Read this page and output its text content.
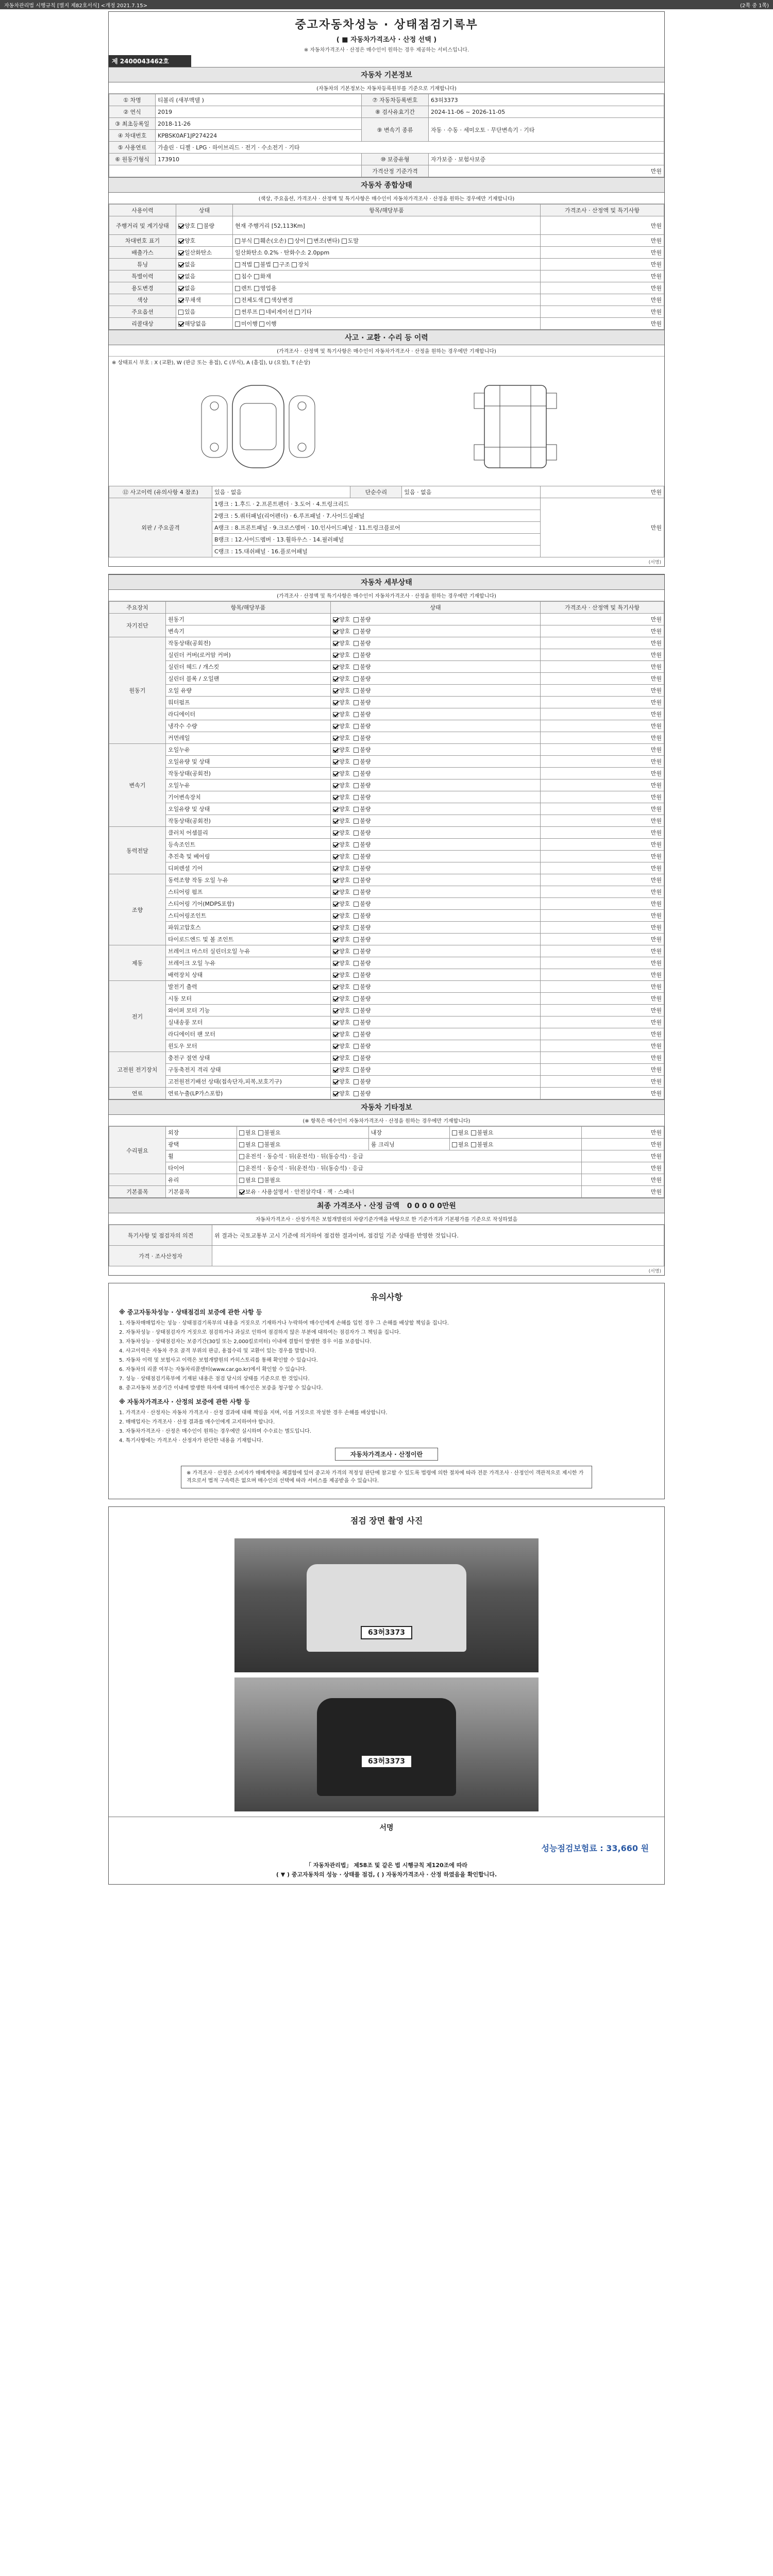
자동차관리법 시행규칙 [별지 제82호서식] <개정 2021.7.15>	(2쪽 중 1쪽)
중고자동차성능 · 상태점검기록부
( ■ 자동차가격조사 · 산정 선택 )
※ 자동차가격조사 · 산정은 매수인이 원하는 경우 제공하는 서비스입니다.
제 2400043462호
자동차 기본정보
(자동차의 기본정보는 자동차등록원부를 기준으로 기재합니다)
① 차명	티볼리 (새부맥델 )	⑦ 자동차등록번호	63허3373
② 연식	2019	⑧ 검사유효기간	2024-11-06 ~ 2026-11-05
③ 최초등록일	2018-11-26	⑨ 변속기 종류	자동 · 수동 · 세미오토 · 무단변속기 · 기타
④ 차대번호	KPBSK0AF1JP274224		
⑤ 사용연료	가솔린 · 디젤 · LPG · 하이브리드 · 전기 · 수소전기 · 기타		
⑥ 원동기형식	173910	⑩ 보증유형	자가보증 · 보험사보증
		가격산정 기준가격	만원
자동차 종합상태
(색상, 주요옵션, 가격조사 · 산정액 및 특기사항은 매수인이 자동차가격조사 · 산정을 원하는 경우에만 기재합니다)
사용이력	상태	항목/해당부품	가격조사 · 산정액 및 특기사항
주행거리 및 계기상태	양호 불량	현재 주행거리 [52,113Km]	만원
차대번호 표기	양호	부식 훼손(오손) 상이 변조(변타) 도말	만원
배출가스	일산화탄소	일산화탄소 0.2% · 탄화수소 2.0ppm	만원
튜닝	없음	적법 불법 구조 장치	만원
특별이력	없음	침수 화재	만원
용도변경	없음	렌트 영업용	만원
색상	무채색	전체도색 색상변경	만원
주요옵션	있음	썬루프 네비게이션 기타	만원
리콜대상	해당없음	미이행 이행	만원
사고 · 교환 · 수리 등 이력
(가격조사 · 산정액 및 특기사항은 매수인이 자동차가격조사 · 산정을 원하는 경우에만 기재합니다)
※ 상태표시 부호 : X (교환), W (판금 또는 용접), C (부식), A (흠집), U (요철), T (손상)
⑫ 사고이력 (유의사항 4 참조)	있음 · 없음	단순수리	있음 · 없음	만원
외판 / 주요골격	1랭크 : 1.후드 · 2.프론트펜더 · 3.도어 · 4.트렁크리드			만원
	2랭크 : 5.쿼터패널(리어펜더) · 6.루프패널 · 7.사이드실패널			
	A랭크 : 8.프론트패널 · 9.크로스멤버 · 10.인사이드패널 · 11.트렁크플로어			
	B랭크 : 12.사이드멤버 · 13.휠하우스 · 14.필러패널			
	C랭크 : 15.대쉬패널 · 16.플로어패널			
(서명)
자동차 세부상태
(가격조사 · 산정액 및 특기사항은 매수인이 자동차가격조사 · 산정을 원하는 경우에만 기재합니다)
주요장치	항목/해당부품	상태	가격조사 · 산정액 및 특기사항
자기진단	원동기	양호 불량	만원
	변속기	양호 불량	만원
원동기	작동상태(공회전)	양호 불량	만원
	실린더 커버(로커암 커버)	양호 불량	만원
	실린더 헤드 / 개스킷	양호 불량	만원
	실린더 블록 / 오일팬	양호 불량	만원
	오일 유량	양호 불량	만원
	워터펌프	양호 불량	만원
	라디에이터	양호 불량	만원
	냉각수 수량	양호 불량	만원
	커먼레일	양호 불량	만원
변속기	오일누유	양호 불량	만원
	오일유량 및 상태	양호 불량	만원
	작동상태(공회전)	양호 불량	만원
	오일누유	양호 불량	만원
	기어변속장치	양호 불량	만원
	오일유량 및 상태	양호 불량	만원
	작동상태(공회전)	양호 불량	만원
동력전달	클러치 어셈블리	양호 불량	만원
	등속조인트	양호 불량	만원
	추진축 및 베어링	양호 불량	만원
	디퍼렌셜 기어	양호 불량	만원
조향	동력조향 작동 오일 누유	양호 불량	만원
	스티어링 펌프	양호 불량	만원
	스티어링 기어(MDPS포함)	양호 불량	만원
	스티어링조인트	양호 불량	만원
	파워고압호스	양호 불량	만원
	타이로드엔드 및 볼 조인트	양호 불량	만원
제동	브레이크 마스터 실린더오일 누유	양호 불량	만원
	브레이크 오일 누유	양호 불량	만원
	배력장치 상태	양호 불량	만원
전기	발전기 출력	양호 불량	만원
	시동 모터	양호 불량	만원
	와이퍼 모터 기능	양호 불량	만원
	실내송풍 모터	양호 불량	만원
	라디에이터 팬 모터	양호 불량	만원
	윈도우 모터	양호 불량	만원
고전원 전기장치	충전구 절연 상태	양호 불량	만원
	구동축전지 격리 상태	양호 불량	만원
	고전원전기배선 상태(접속단자,피복,보호기구)	양호 불량	만원
연료	연료누출(LP가스포함)	양호 불량	만원
자동차 기타정보
(※ 항목은 매수인이 자동차가격조사 · 산정을 원하는 경우에만 기재합니다)
수리필요	외장	필요 불필요	내장	필요 불필요	만원
	광택	필요 불필요	룸 크리닝	필요 불필요	만원
	휠	운전석 · 동승석 · 뒤(운전석) · 뒤(동승석) · 응급			만원
	타이어	운전석 · 동승석 · 뒤(운전석) · 뒤(동승석) · 응급			만원
	유리	필요 불필요			만원
기본품목	기본품목	보유 · 사용설명서 · 안전삼각대 · 잭 · 스패너			만원
최종 가격조사 · 산정 금액 0 0 0 0 0만원
자동차가격조사 · 산정가격은 보험개발원의 차량기준가액을 바탕으로 한 기준가격과 기본평가를 기준으로 작성하였음
특기사항 및 점검자의 의견	위 결과는 국토교통부 고시 기준에 의거하여 점검한 결과이며, 점검일 기준 상태를 반영한 것입니다.
가격 · 조사산정자	
(서명)
유의사항
※ 중고자동차성능 · 상태점검의 보증에 관한 사항 등

1. 자동차매매업자는 성능 · 상태점검기록부의 내용을 거짓으로 기재하거나 누락하여 매수인에게 손해를 입힌 경우 그 손해를 배상할 책임을 집니다.

2. 자동차성능 · 상태점검자가 거짓으로 점검하거나 과실로 인하여 점검하지 않은 부분에 대하여는 점검자가 그 책임을 집니다.

3. 자동차성능 · 상태점검자는 보증기간(30일 또는 2,000킬로미터) 이내에 결함이 발생한 경우 이를 보증합니다.

4. 사고이력은 자동차 주요 골격 부위의 판금, 용접수리 및 교환이 있는 경우를 말합니다.

5. 자동차 이력 및 보험사고 이력은 보험개발원의 카히스토리를 통해 확인할 수 있습니다.

6. 자동차의 리콜 여부는 자동차리콜센터(www.car.go.kr)에서 확인할 수 있습니다.

7. 성능 · 상태점검기록부에 기재된 내용은 점검 당시의 상태를 기준으로 한 것입니다.

8. 중고자동차 보증기간 이내에 발생한 하자에 대하여 매수인은 보증을 청구할 수 있습니다.

※ 자동차가격조사 · 산정의 보증에 관한 사항 등

1. 가격조사 · 산정자는 자동차 가격조사 · 산정 결과에 대해 책임을 지며, 이를 거짓으로 작성한 경우 손해를 배상합니다.

2. 매매업자는 가격조사 · 산정 결과를 매수인에게 고지하여야 합니다.

3. 자동차가격조사 · 산정은 매수인이 원하는 경우에만 실시하며 수수료는 별도입니다.

4. 특기사항에는 가격조사 · 산정자가 판단한 내용을 기재합니다.

자동차가격조사 · 산정이란
※ 가격조사 · 산정은 소비자가 매매계약을 체결함에 있어 중고차 가격의 적정성 판단에 참고할 수 있도록 법령에 의한 절차에 따라 전문 가격조사 · 산정인이 객관적으로 제시한 가격으로서 법적 구속력은 없으며 매수인의 선택에 따라 서비스를 제공받을 수 있습니다.
점검 장면 촬영 사진
63허3373
63허3373
서명
성능점검보험료 : 33,660 원
「 자동차관리법」 제58조 및 같은 법 시행규칙 제120조에 따라
( ▼ ) 중고자동차의 성능 · 상태를 점검, ( ) 자동차가격조사 · 산정 하였음을 확인합니다.
